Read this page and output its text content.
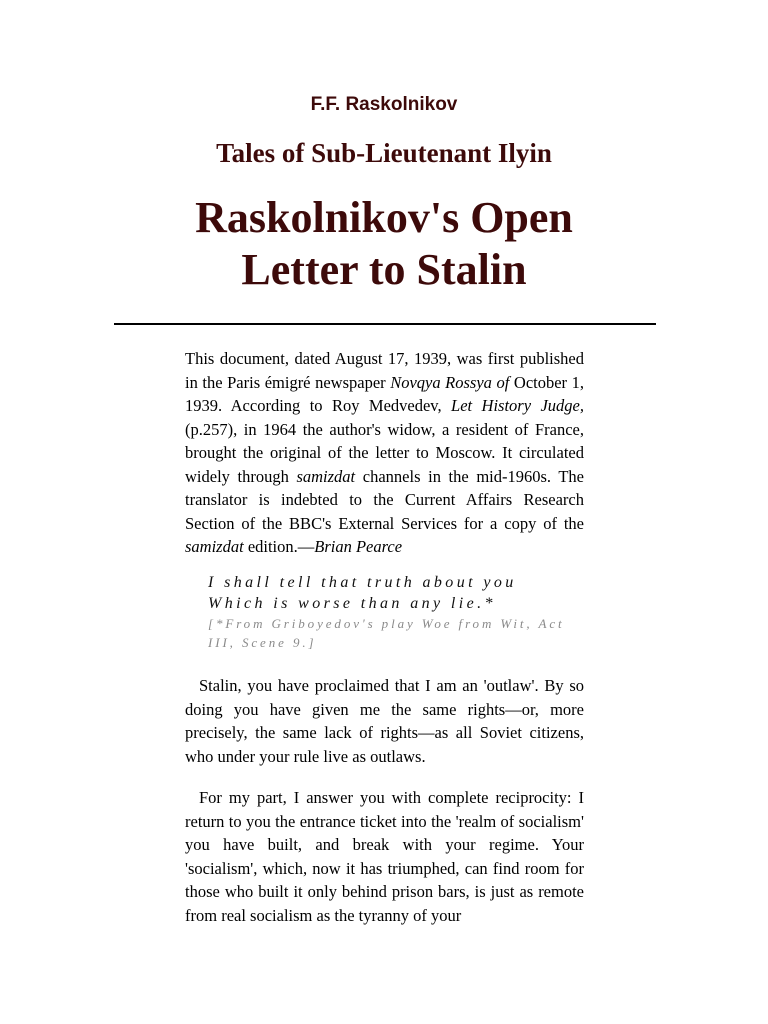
F.F. Raskolnikov
Tales of Sub-Lieutenant Ilyin
Raskolnikov's Open
Letter to Stalin
This document, dated August 17, 1939, was first published in the Paris émigré newspaper Novqya Rossya of October 1, 1939. According to Roy Medvedev, Let History Judge, (p.257), in 1964 the author's widow, a resident of France, brought the original of the letter to Moscow. It circulated widely through samizdat channels in the mid-1960s. The translator is indebted to the Current Affairs Research Section of the BBC's External Services for a copy of the samizdat edition.—Brian Pearce
I shall tell that truth about you
Which is worse than any lie.*
[*From Griboyedov's play Woe from Wit, Act III, Scene 9.]
Stalin, you have proclaimed that I am an 'outlaw'. By so doing you have given me the same rights—or, more precisely, the same lack of rights—as all Soviet citizens, who under your rule live as outlaws.
For my part, I answer you with complete reciprocity: I return to you the entrance ticket into the 'realm of socialism' you have built, and break with your regime. Your 'socialism', which, now it has triumphed, can find room for those who built it only behind prison bars, is just as remote from real socialism as the tyranny of your
